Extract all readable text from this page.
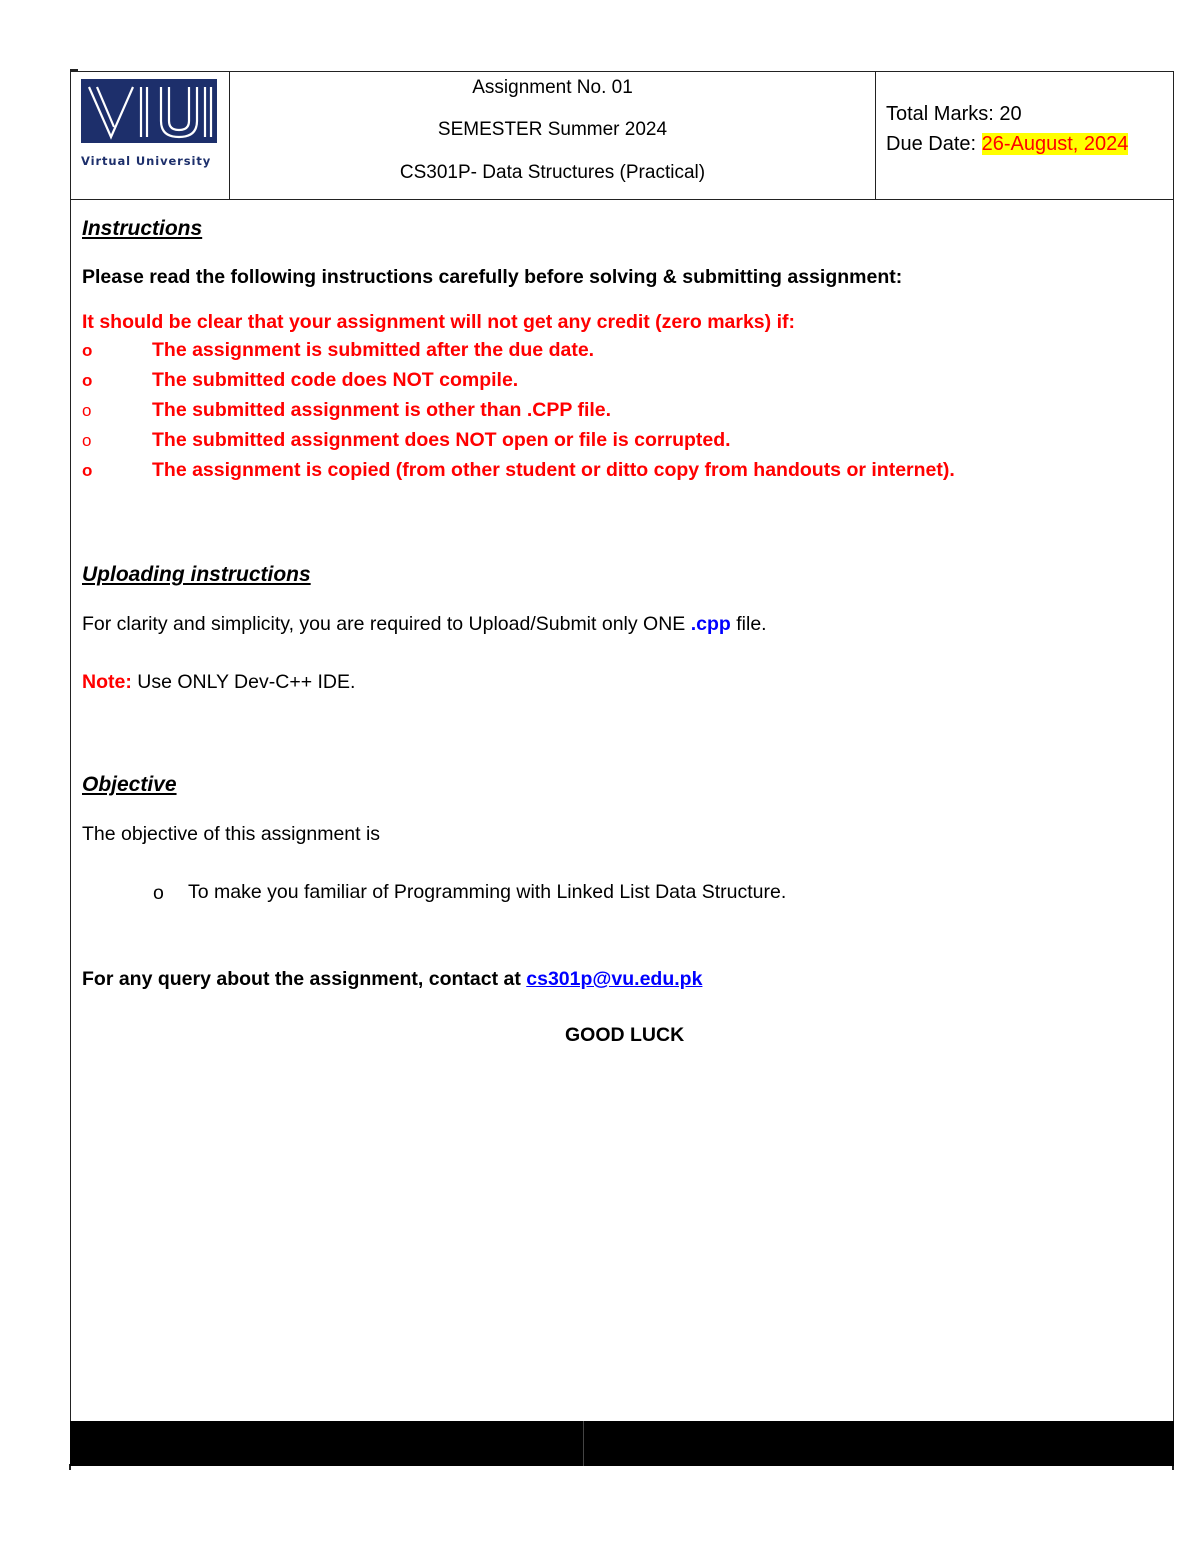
Virtual University
Assignment No. 01
SEMESTER Summer 2024
CS301P- Data Structures (Practical)
Total Marks: 20
Due Date: 26-August, 2024
Instructions
Please read the following instructions carefully before solving & submitting assignment:
It should be clear that your assignment will not get any credit (zero marks) if:
o	The assignment is submitted after the due date.
o	The submitted code does NOT compile.
o	The submitted assignment is other than .CPP file.
o	The submitted assignment does NOT open or file is corrupted.
o	The assignment is copied (from other student or ditto copy from handouts or internet).
Uploading instructions
For clarity and simplicity, you are required to Upload/Submit only ONE .cpp file.
Note: Use ONLY Dev-C++ IDE.
Objective
The objective of this assignment is
o To make you familiar of Programming with Linked List Data Structure.
For any query about the assignment, contact at cs301p@vu.edu.pk
GOOD LUCK
